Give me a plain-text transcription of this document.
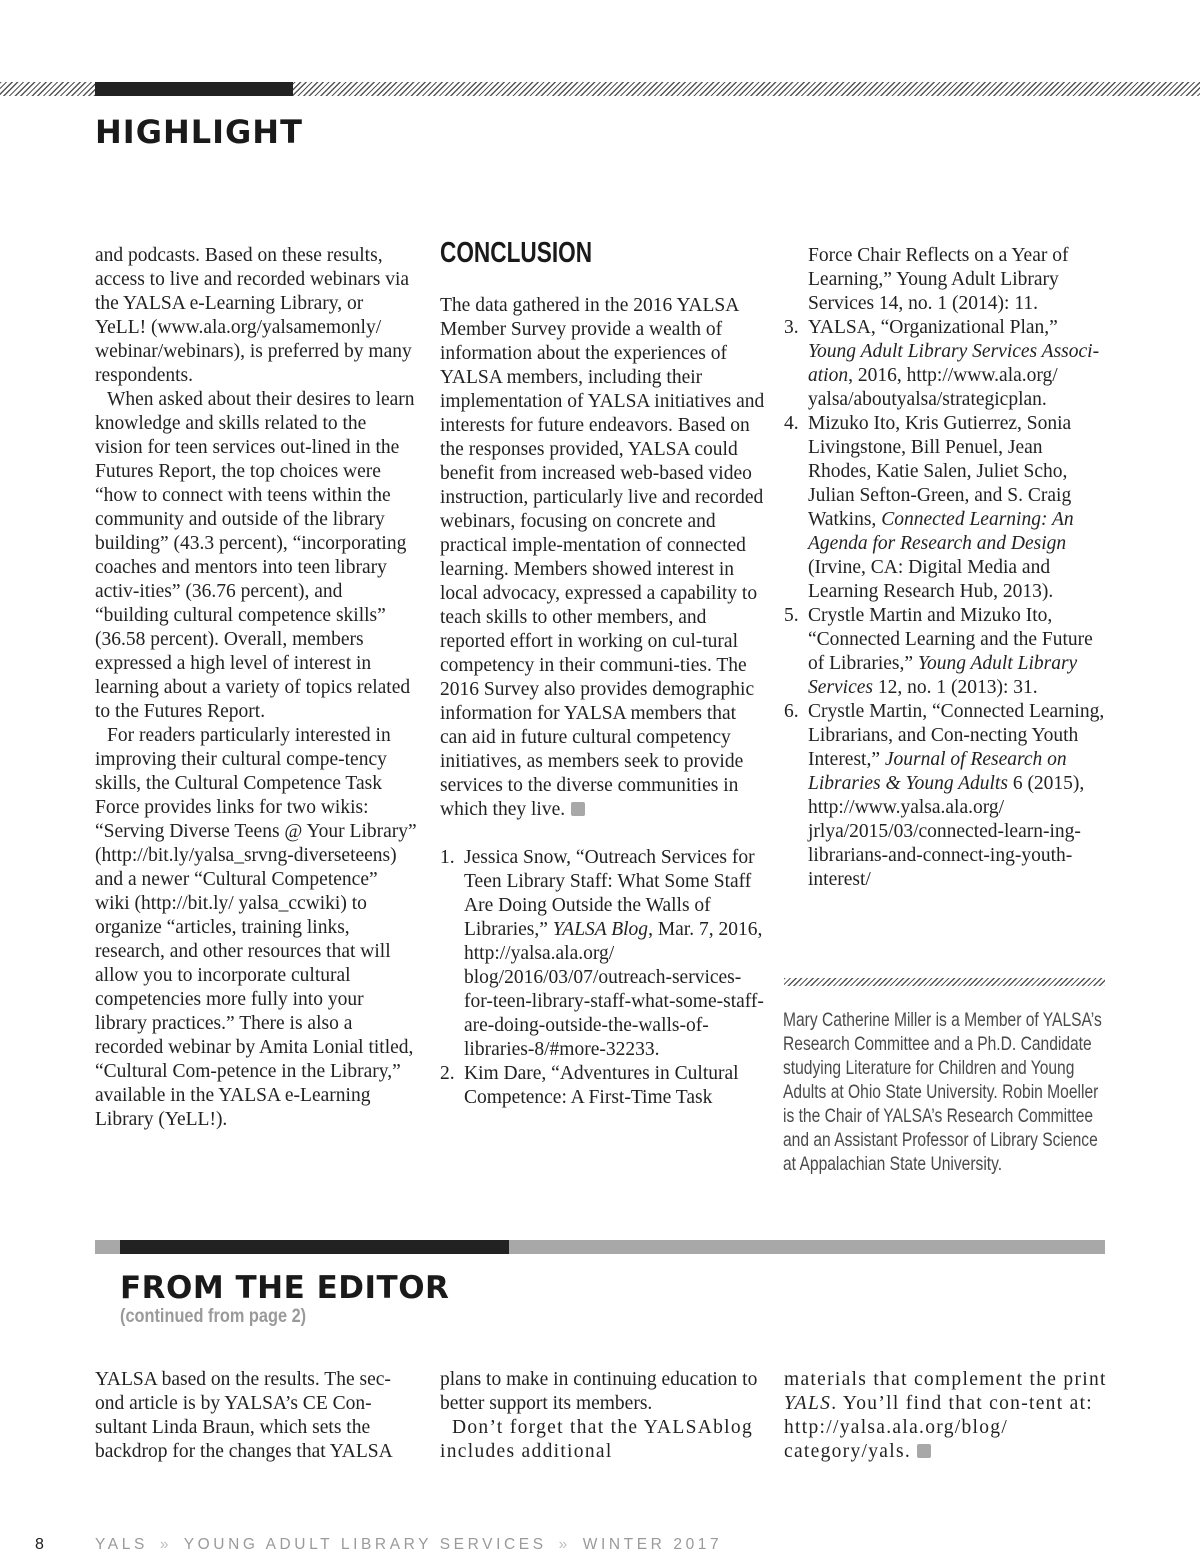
HIGHLIGHT

and podcasts. Based on these results, access to live and recorded webinars via the YALSA e-Learning Library, or YeLL! (www.ala.org/yalsamemonly/ webinar/webinars), is preferred by many respondents.

When asked about their desires to learn knowledge and skills related to the vision for teen services out-lined in the Futures Report, the top choices were “how to connect with teens within the community and outside of the library building” (43.3 percent), “incorporating coaches and mentors into teen library activ-ities” (36.76 percent), and “building cultural competence skills” (36.58 percent). Overall, members expressed a high level of interest in learning about a variety of topics related to the Futures Report.

For readers particularly interested in improving their cultural compe-tency skills, the Cultural Competence Task Force provides links for two wikis: “Serving Diverse Teens @ Your Library” (http://bit.ly/yalsa_srvng-diverseteens) and a newer “Cultural Competence” wiki (http://bit.ly/ yalsa_ccwiki) to organize “articles, training links, research, and other resources that will allow you to incorporate cultural competencies more fully into your library practices.” There is also a recorded webinar by Amita Lonial titled, “Cultural Com-petence in the Library,” available in the YALSA e-Learning Library (YeLL!).

CONCLUSION

The data gathered in the 2016 YALSA Member Survey provide a wealth of information about the experiences of YALSA members, including their implementation of YALSA initiatives and interests for future endeavors. Based on the responses provided, YALSA could benefit from increased web-based video instruction, particularly live and recorded webinars, focusing on concrete and practical imple-mentation of connected learning. Members showed interest in local advocacy, expressed a capability to teach skills to other members, and reported effort in working on cul-tural competency in their communi-ties. The 2016 Survey also provides demographic information for YALSA members that can aid in future cultural competency initiatives, as members seek to provide services to the diverse communities in which they live.

1. Jessica Snow, “Outreach Services for Teen Library Staff: What Some Staff Are Doing Outside the Walls of Libraries,” YALSA Blog, Mar. 7, 2016, http://yalsa.ala.org/ blog/2016/03/07/outreach-services-for-teen-library-staff-what-some-staff-are-doing-outside-the-walls-of-libraries-8/#more-32233.
2. Kim Dare, “Adventures in Cultural Competence: A First-Time Task
Force Chair Reflects on a Year of Learning,” Young Adult Library Services 14, no. 1 (2014): 11.
3. YALSA, “Organizational Plan,” Young Adult Library Services Associ-ation, 2016, http://www.ala.org/ yalsa/aboutyalsa/strategicplan.
4. Mizuko Ito, Kris Gutierrez, Sonia Livingstone, Bill Penuel, Jean Rhodes, Katie Salen, Juliet Scho, Julian Sefton-Green, and S. Craig Watkins, Connected Learning: An Agenda for Research and Design (Irvine, CA: Digital Media and Learning Research Hub, 2013).
5. Crystle Martin and Mizuko Ito, “Connected Learning and the Future of Libraries,” Young Adult Library Services 12, no. 1 (2013): 31.
6. Crystle Martin, “Connected Learning, Librarians, and Con-necting Youth Interest,” Journal of Research on Libraries & Young Adults 6 (2015), http://www.yalsa.ala.org/ jrlya/2015/03/connected-learn-ing-librarians-and-connect-ing-youth-interest/
Mary Catherine Miller is a Member of YALSA’s Research Committee and a Ph.D. Candidate studying Literature for Children and Young Adults at Ohio State University. Robin Moeller is the Chair of YALSA’s Research Committee and an Assistant Professor of Library Science at Appalachian State University.
FROM THE EDITOR
(continued from page 2)

YALSA based on the results. The sec-ond article is by YALSA’s CE Con-sultant Linda Braun, which sets the backdrop for the changes that YALSA

plans to make in continuing education to better support its members.

Don’t forget that the YALSAblog includes additional

materials that complement the print YALS. You’ll find that con-tent at: http://yalsa.ala.org/blog/ category/yals.

8	YALS » YOUNG ADULT LIBRARY SERVICES » WINTER 2017
